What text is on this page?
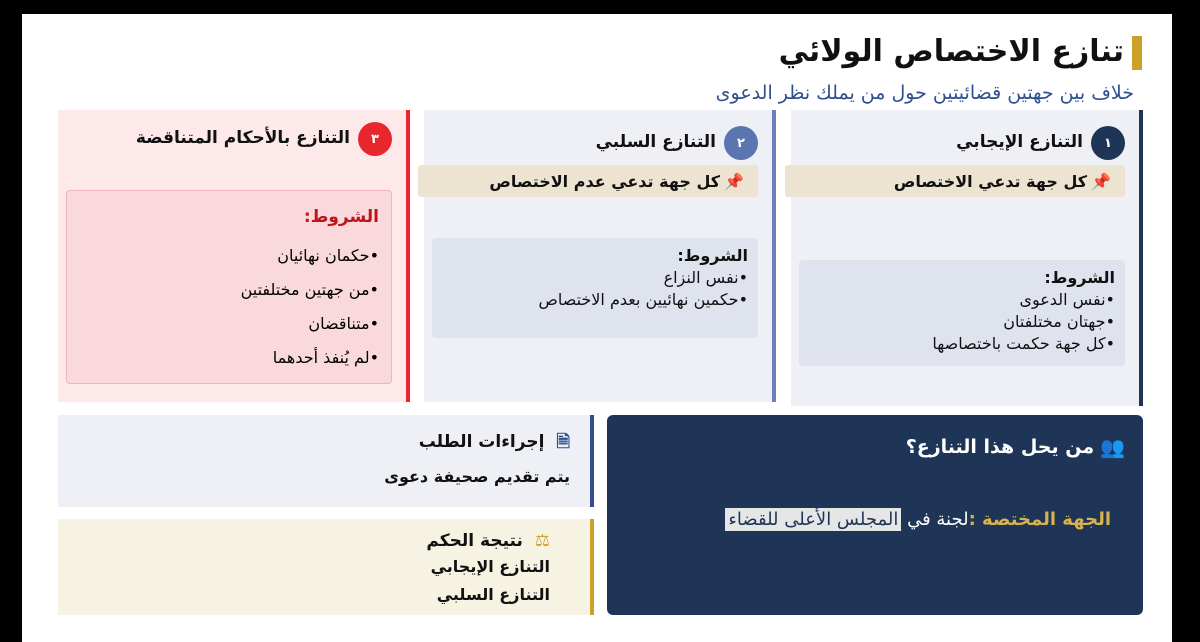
تنازع الاختصاص الولائي
خلاف بين جهتين قضائيتين حول من يملك نظر الدعوى
١
التنازع الإيجابي
📌
كل جهة تدعي الاختصاص
الشروط:
•نفس الدعوى
•جهتان مختلفتان
•كل جهة حكمت باختصاصها
٢
التنازع السلبي
📌
كل جهة تدعي عدم الاختصاص
الشروط:
•نفس النزاع
•حكمين نهائيين بعدم الاختصاص
٣
التنازع بالأحكام المتناقضة
الشروط:
•حكمان نهائيان
•من جهتين مختلفتين
•متناقضان
•لم يُنفذ أحدهما
👥
من يحل هذا التنازع؟
الجهة المختصة :لجنة في المجلس الأعلى للقضاء
🗎 إجراءات الطلب
يتم تقديم صحيفة دعوى
⚖ نتيجة الحكم
التنازع الإيجابي
التنازع السلبي
